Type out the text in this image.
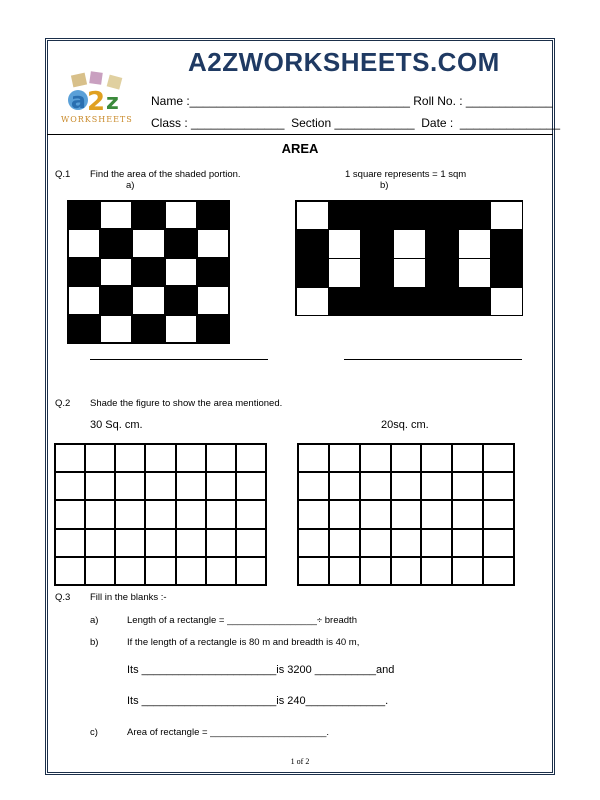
A2ZWORKSHEETS.COM
a 2 z
WORKSHEETS
Name :_________________________________ Roll No. : _____________
Class : ______________  Section ____________  Date :  _______________
AREA
Q.1 Find the area of the shaded portion.	1 square represents = 1 sqm
a)	b)
Q.2 Shade the figure to show the area mentioned.
30 Sq. cm.	20sq. cm.
Q.3 Fill in the blanks :-
a)	Length of a rectangle = _________________÷ breadth
b)	If the length of a rectangle is 80 m and breadth is 40 m,
Its ______________________is 3200 __________and
Its ______________________is 240_____________.
c)	Area of rectangle = ______________________.
1 of 2
